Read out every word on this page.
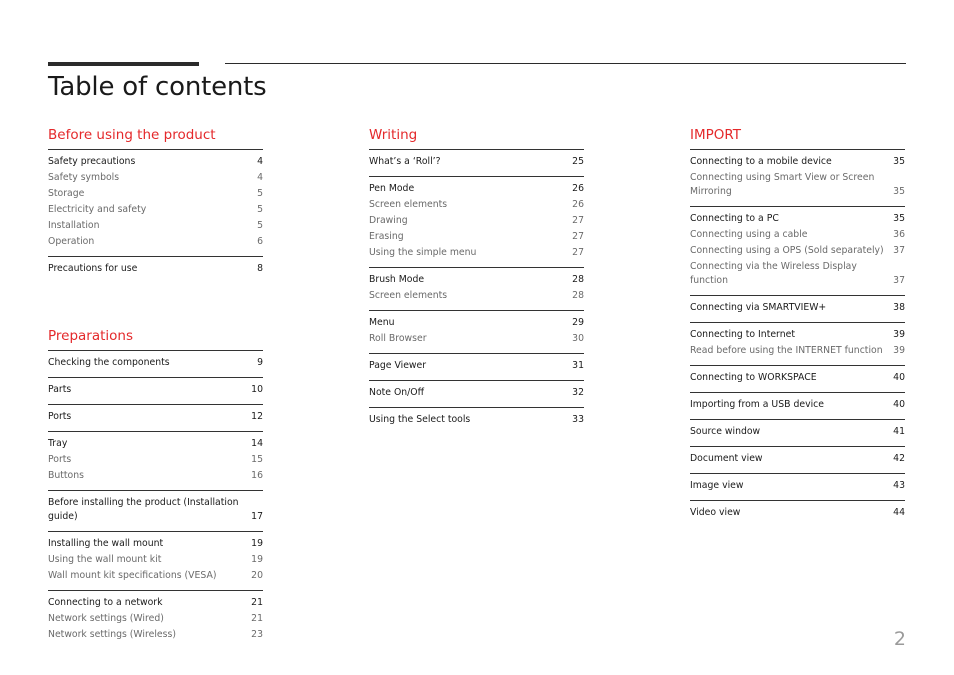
Table of contents
Before using the product
Safety precautions	4
Safety symbols	4
Storage	5
Electricity and safety	5
Installation	5
Operation	6
Precautions for use	8
Preparations
Checking the components	9
Parts	10
Ports	12
Tray	14
Ports	15
Buttons	16
Before installing the product (Installation guide)	17
Installing the wall mount	19
Using the wall mount kit	19
Wall mount kit specifications (VESA)	20
Connecting to a network	21
Network settings (Wired)	21
Network settings (Wireless)	23
Writing
What’s a ‘Roll’?	25
Pen Mode	26
Screen elements	26
Drawing	27
Erasing	27
Using the simple menu	27
Brush Mode	28
Screen elements	28
Menu	29
Roll Browser	30
Page Viewer	31
Note On/Off	32
Using the Select tools	33
IMPORT
Connecting to a mobile device	35
Connecting using Smart View or Screen Mirroring	35
Connecting to a PC	35
Connecting using a cable	36
Connecting using a OPS (Sold separately)	37
Connecting via the Wireless Display function	37
Connecting via SMARTVIEW+	38
Connecting to Internet	39
Read before using the INTERNET function	39
Connecting to WORKSPACE	40
Importing from a USB device	40
Source window	41
Document view	42
Image view	43
Video view	44
2
